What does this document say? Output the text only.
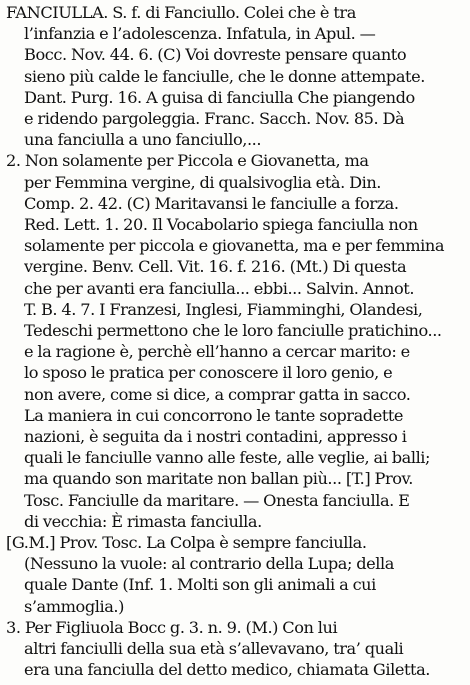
FANCIULLA. S. f. di Fanciullo. Colei che è tra
l’infanzia e l’adolescenza. Infatula, in Apul. —
Bocc. Nov. 44. 6. (C) Voi dovreste pensare quanto
sieno più calde le fanciulle, che le donne attempate.
Dant. Purg. 16. A guisa di fanciulla Che piangendo
e ridendo pargoleggia. Franc. Sacch. Nov. 85. Dà
una fanciulla a uno fanciullo,...
2. Non solamente per Piccola e Giovanetta, ma
per Femmina vergine, di qualsivoglia età. Din.
Comp. 2. 42. (C) Maritavansi le fanciulle a forza.
Red. Lett. 1. 20. Il Vocabolario spiega fanciulla non
solamente per piccola e giovanetta, ma e per femmina
vergine. Benv. Cell. Vit. 16. f. 216. (Mt.) Di questa
che per avanti era fanciulla... ebbi... Salvin. Annot.
T. B. 4. 7. I Franzesi, Inglesi, Fiamminghi, Olandesi,
Tedeschi permettono che le loro fanciulle pratichino...
e la ragione è, perchè ell’hanno a cercar marito: e
lo sposo le pratica per conoscere il loro genio, e
non avere, come si dice, a comprar gatta in sacco.
La maniera in cui concorrono le tante sopradette
nazioni, è seguita da i nostri contadini, appresso i
quali le fanciulle vanno alle feste, alle veglie, ai balli;
ma quando son maritate non ballan più... [T.] Prov.
Tosc. Fanciulle da maritare. — Onesta fanciulla. E
di vecchia: È rimasta fanciulla.
[G.M.] Prov. Tosc. La Colpa è sempre fanciulla.
(Nessuno la vuole: al contrario della Lupa; della
quale Dante (Inf. 1. Molti son gli animali a cui
s’ammoglia.)
3. Per Figliuola Bocc g. 3. n. 9. (M.) Con lui
altri fanciulli della sua età s’allevavano, tra’ quali
era una fanciulla del detto medico, chiamata Giletta.
